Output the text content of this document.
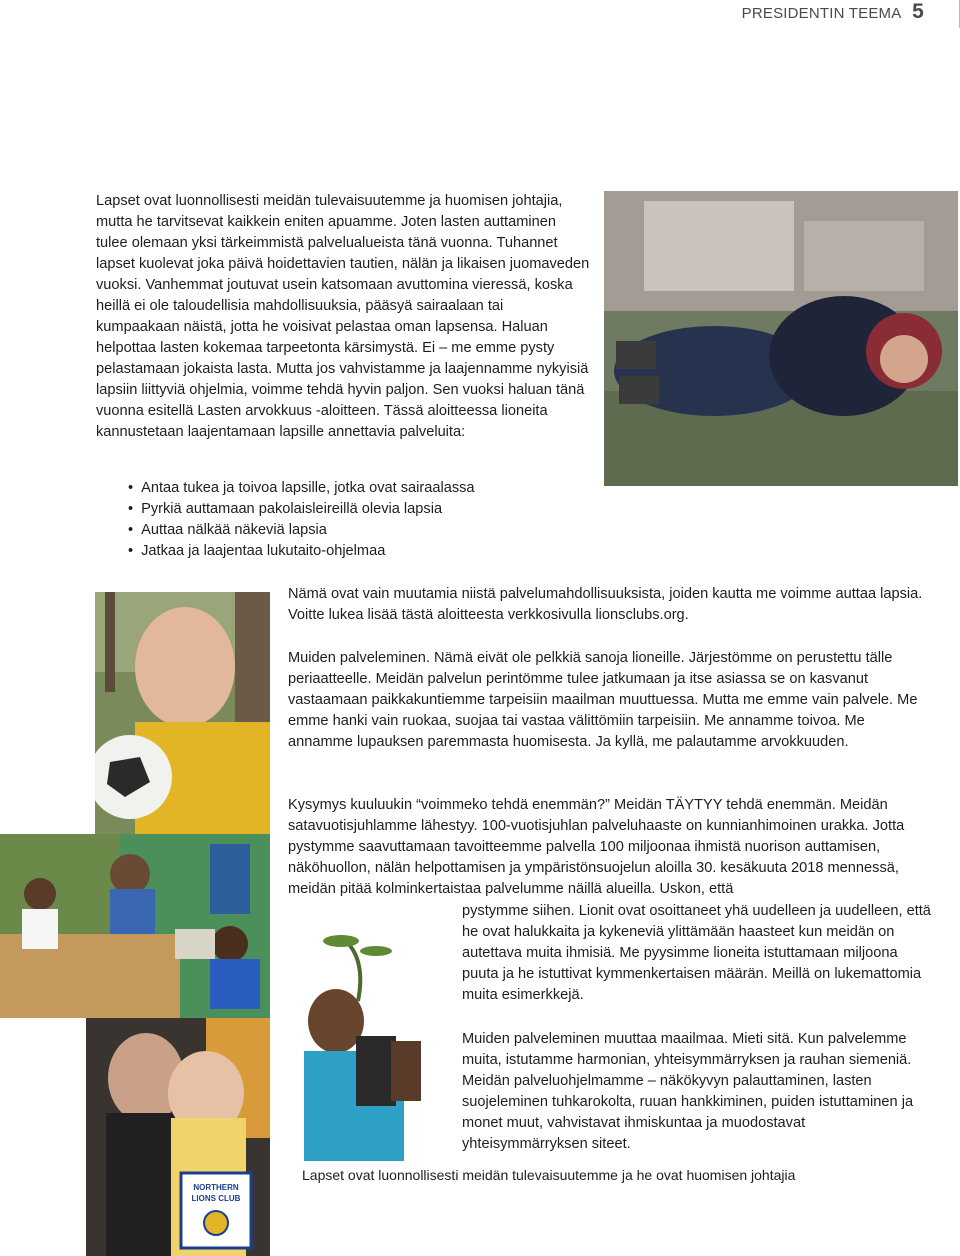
PRESIDENTIN TEEMA 5

Lapset ovat luonnollisesti meidän tulevaisuutemme ja huomisen johtajia, mutta he tarvitsevat kaikkein eniten apuamme. Joten lasten auttaminen tulee olemaan yksi tärkeimmistä palvelualueista tänä vuonna. Tuhannet lapset kuolevat joka päivä hoidettavien tautien, nälän ja likaisen juomaveden vuoksi. Vanhemmat joutuvat usein katsomaan avuttomina vieressä, koska heillä ei ole taloudellisia mahdollisuuksia, pääsyä sairaalaan tai kumpaakaan näistä, jotta he voisivat pelastaa oman lapsensa. Haluan helpottaa lasten kokemaa tarpeetonta kärsimystä. Ei – me emme pysty pelastamaan jokaista lasta. Mutta jos vahvistamme ja laajennamme nykyisiä lapsiin liittyviä ohjelmia, voimme tehdä hyvin paljon. Sen vuoksi haluan tänä vuonna esitellä Lasten arvokkuus -aloitteen. Tässä aloitteessa lioneita kannustetaan laajentamaan lapsille annettavia palveluita:

• Antaa tukea ja toivoa lapsille, jotka ovat sairaalassa
• Pyrkiä auttamaan pakolaisleireillä olevia lapsia
• Auttaa nälkää näkeviä lapsia
• Jatkaa ja laajentaa lukutaito-ohjelmaa

Nämä ovat vain muutamia niistä palvelumahdollisuuksista, joiden kautta me voimme auttaa lapsia. Voitte lukea lisää tästä aloitteesta verkkosivulla lionsclubs.org.

Muiden palveleminen. Nämä eivät ole pelkkiä sanoja lioneille. Järjestömme on perustettu tälle periaatteelle. Meidän palvelun perintömme tulee jatkumaan ja itse asiassa se on kasvanut vastaamaan paikkakuntiemme tarpeisiin maailman muuttuessa. Mutta me emme vain palvele. Me emme hanki vain ruokaa, suojaa tai vastaa välittömiin tarpeisiin. Me annamme toivoa. Me annamme lupauksen paremmasta huomisesta. Ja kyllä, me palautamme arvokkuuden.

Kysymys kuuluukin “voimmeko tehdä enemmän?” Meidän TÄYTYY tehdä enemmän. Meidän satavuotisjuhlamme lähestyy. 100-vuotisjuhlan palveluhaaste on kunnianhimoinen urakka. Jotta pystymme saavuttamaan tavoitteemme palvella 100 miljoonaa ihmistä nuorison auttamisen, näköhuollon, nälän helpottamisen ja ympäristönsuojelun aloilla 30. kesäkuuta 2018 mennessä, meidän pitää kolminkertaistaa palvelumme näillä alueilla. Uskon, että

pystymme siihen. Lionit ovat osoittaneet yhä uudelleen ja uudelleen, että he ovat halukkaita ja kykeneviä ylittämään haasteet kun meidän on autettava muita ihmisiä. Me pyysimme lioneita istuttamaan miljoona puuta ja he istuttivat kymmenkertaisen määrän. Meillä on lukemattomia muita esimerkkejä.

Muiden palveleminen muuttaa maailmaa. Mieti sitä. Kun palvelemme muita, istutamme harmonian, yhteisymmärryksen ja rauhan siemeniä. Meidän palveluohjelmamme – näkökyvyn palauttaminen, lasten suojeleminen tuhkarokolta, ruuan hankkiminen, puiden istuttaminen ja monet muut, vahvistavat ihmiskuntaa ja muodostavat yhteisymmärryksen siteet.

Lapset ovat luonnollisesti meidän tulevaisuutemme ja he ovat huomisen johtajia
NORTHERN
LIONS CLUB
